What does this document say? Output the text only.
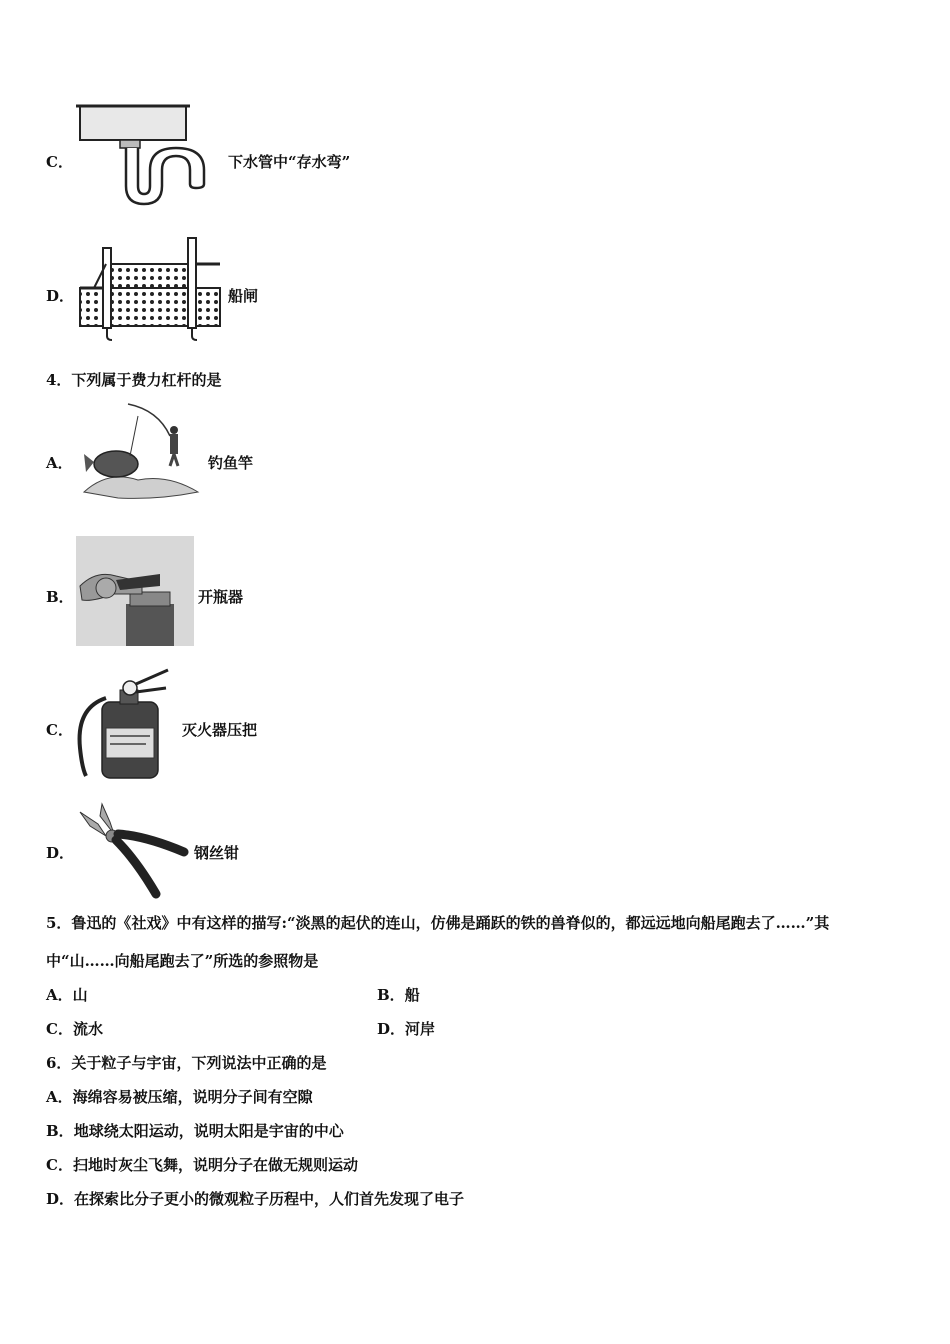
C．	下水管中“存水弯”
D．	船闸
4．下列属于费力杠杆的是
A．	钓鱼竿
B．	开瓶器
C．	灭火器压把
D．	钢丝钳
5．鲁迅的《社戏》中有这样的描写:“淡黑的起伏的连山，仿佛是踊跃的铁的兽脊似的，都远远地向船尾跑去了……”其
中“山……向船尾跑去了”所选的参照物是
A．山	B．船
C．流水	D．河岸
6．关于粒子与宇宙，下列说法中正确的是
A．海绵容易被压缩，说明分子间有空隙
B．地球绕太阳运动，说明太阳是宇宙的中心
C．扫地时灰尘飞舞，说明分子在做无规则运动
D．在探索比分子更小的微观粒子历程中，人们首先发现了电子
